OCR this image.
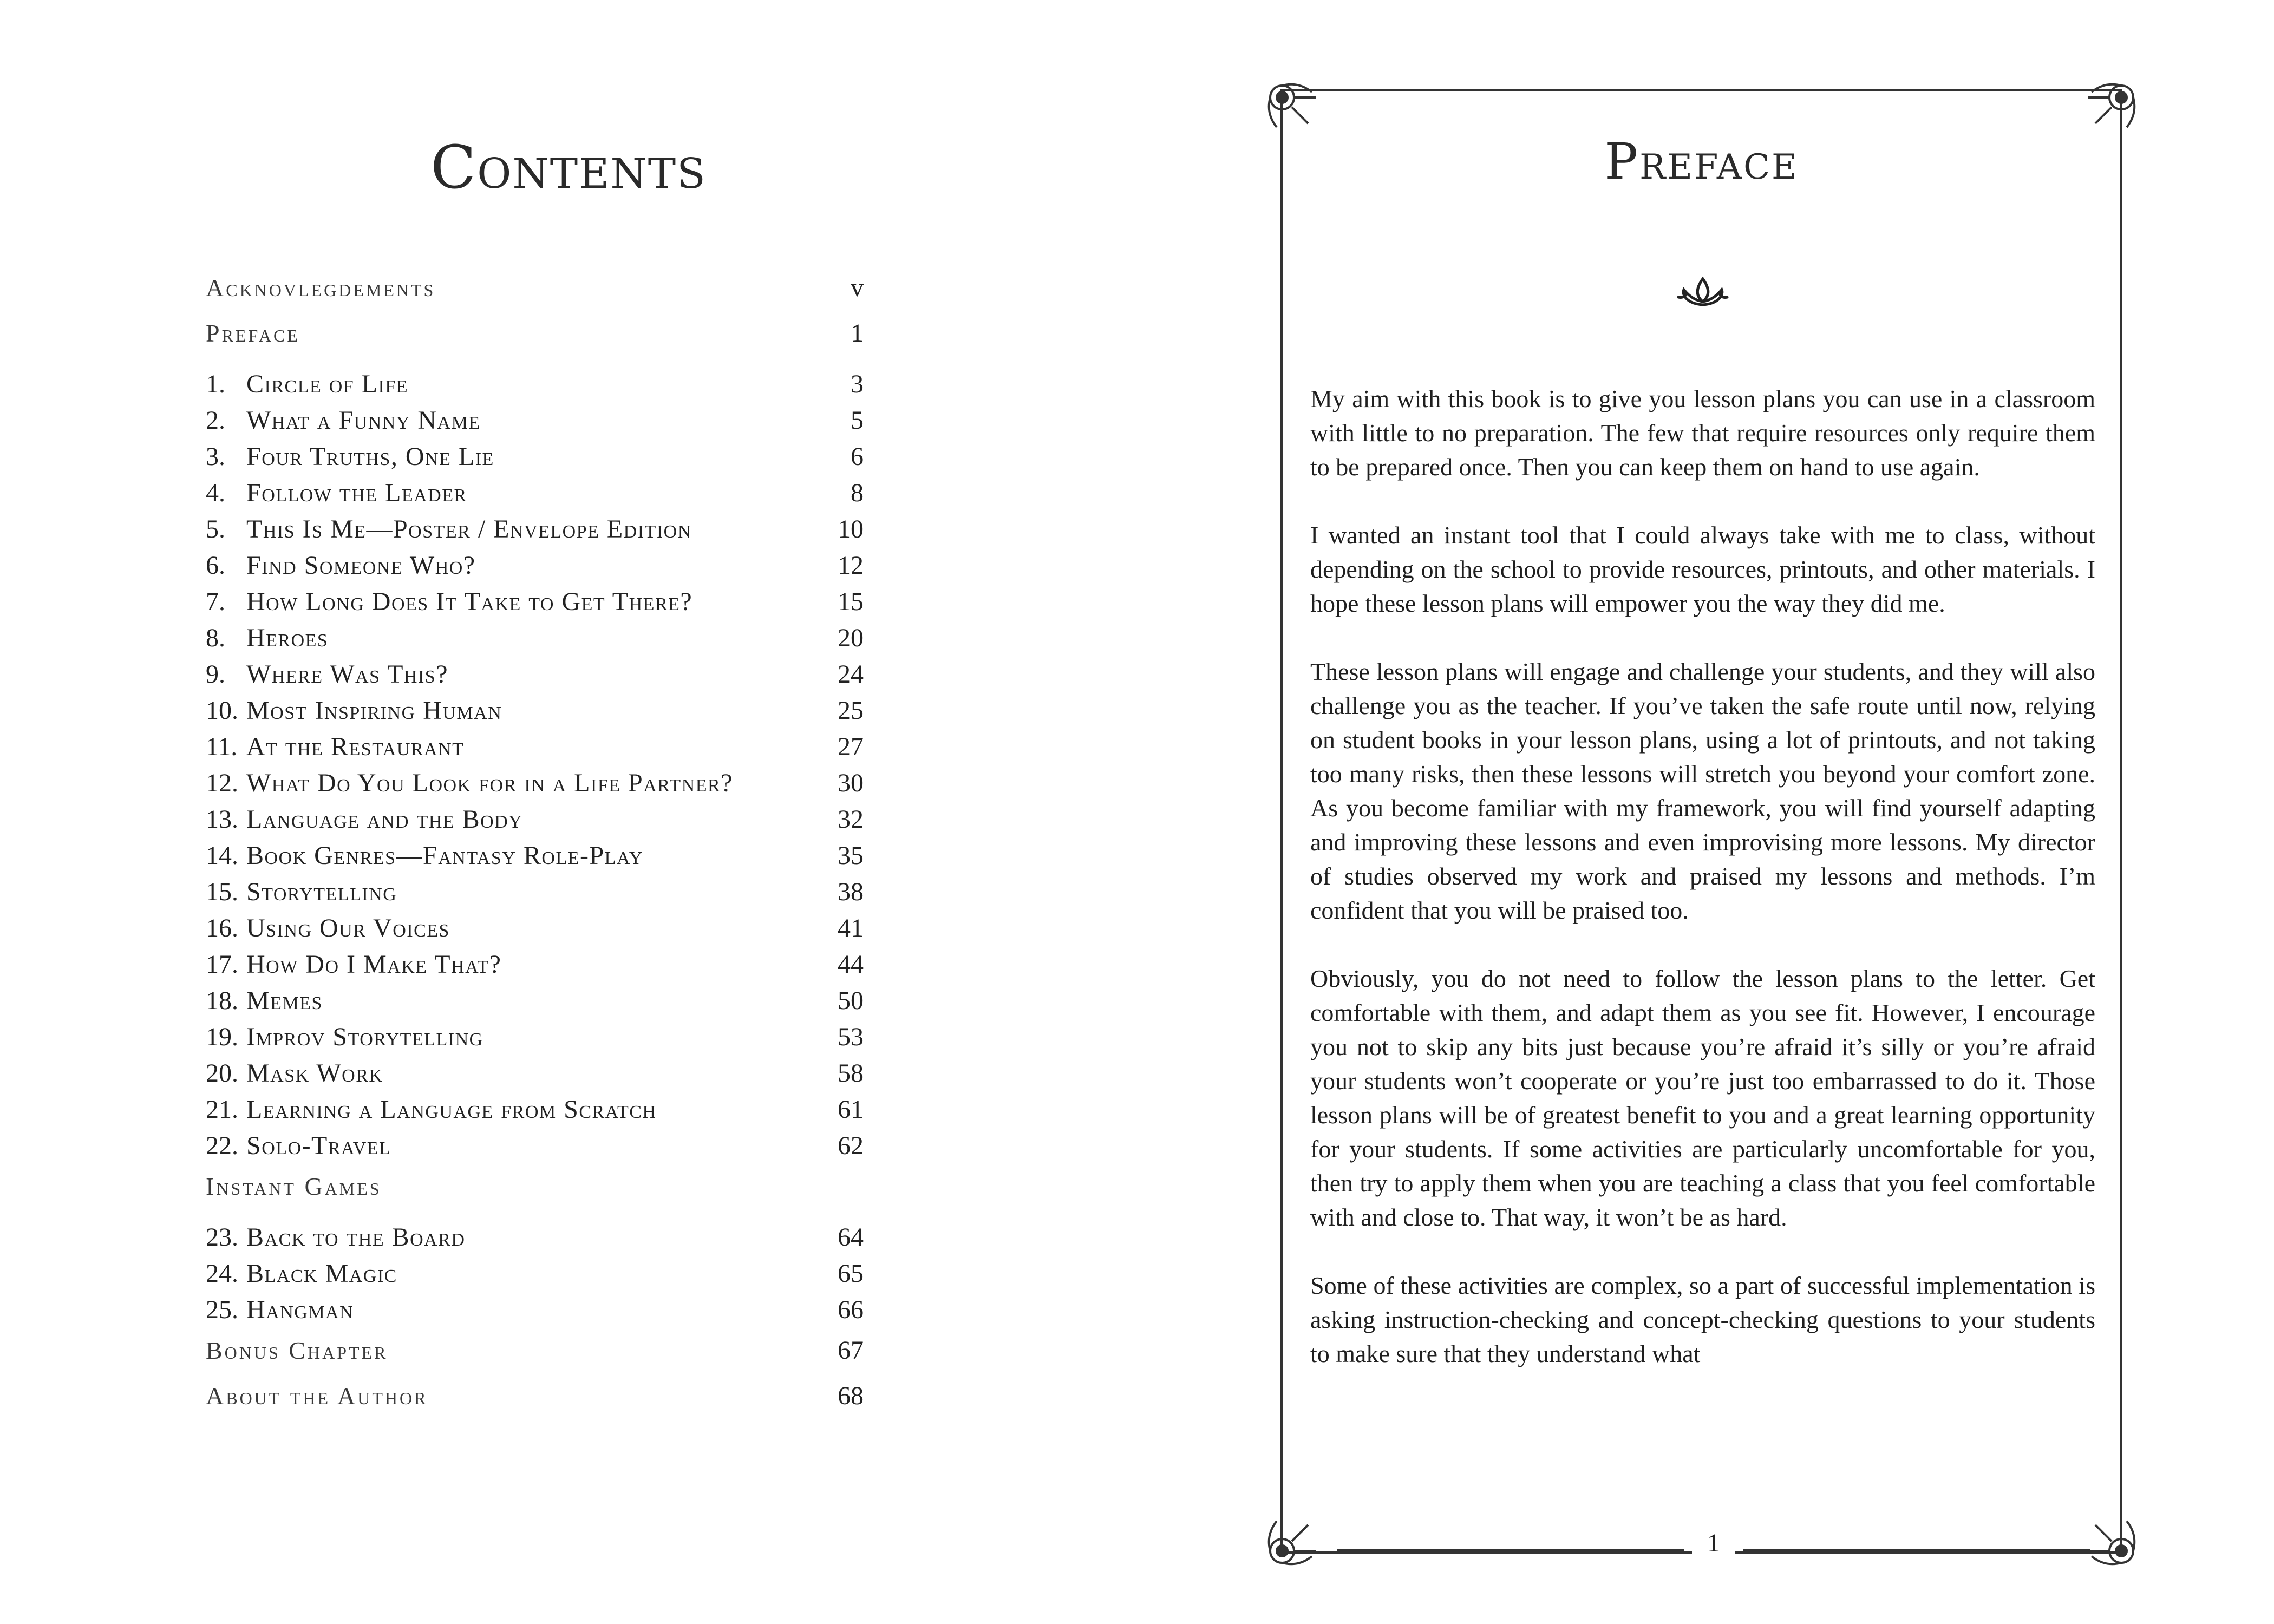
Contents
Acknovlegdements	v
Preface	1
1. Circle of Life	3
2. What a Funny Name	5
3. Four Truths, One Lie	6
4. Follow the Leader	8
5. This Is Me—Poster / Envelope Edition	10
6. Find Someone Who?	12
7. How Long Does It Take to Get There?	15
8. Heroes	20
9. Where Was This?	24
10. Most Inspiring Human	25
11. At the Restaurant	27
12. What Do You Look for in a Life Partner?	30
13. Language and the Body	32
14. Book Genres—Fantasy Role-Play	35
15. Storytelling	38
16. Using Our Voices	41
17. How Do I Make That?	44
18. Memes	50
19. Improv Storytelling	53
20. Mask Work	58
21. Learning a Language from Scratch	61
22. Solo-Travel	62
Instant Games
23. Back to the Board	64
24. Black Magic	65
25. Hangman	66
Bonus Chapter	67
About the Author	68
Preface

My aim with this book is to give you lesson plans you can use in a classroom with little to no preparation. The few that require resources only require them to be prepared once. Then you can keep them on hand to use again.

I wanted an instant tool that I could always take with me to class, without depending on the school to provide resources, printouts, and other materials. I hope these lesson plans will empower you the way they did me.

These lesson plans will engage and challenge your students, and they will also challenge you as the teacher. If you’ve taken the safe route until now, relying on student books in your lesson plans, using a lot of printouts, and not taking too many risks, then these lessons will stretch you beyond your comfort zone. As you become familiar with my framework, you will find yourself adapting and improving these lessons and even improvising more lessons. My director of studies observed my work and praised my lessons and methods. I’m confident that you will be praised too.

Obviously, you do not need to follow the lesson plans to the letter. Get comfortable with them, and adapt them as you see fit. However, I encourage you not to skip any bits just because you’re afraid it’s silly or you’re afraid your students won’t cooperate or you’re just too embarrassed to do it. Those lesson plans will be of greatest benefit to you and a great learning opportunity for your students. If some activities are particularly uncomfortable for you, then try to apply them when you are teaching a class that you feel comfortable with and close to. That way, it won’t be as hard.

Some of these activities are complex, so a part of successful implementation is asking instruction-checking and concept-checking questions to your students to make sure that they understand what

1
